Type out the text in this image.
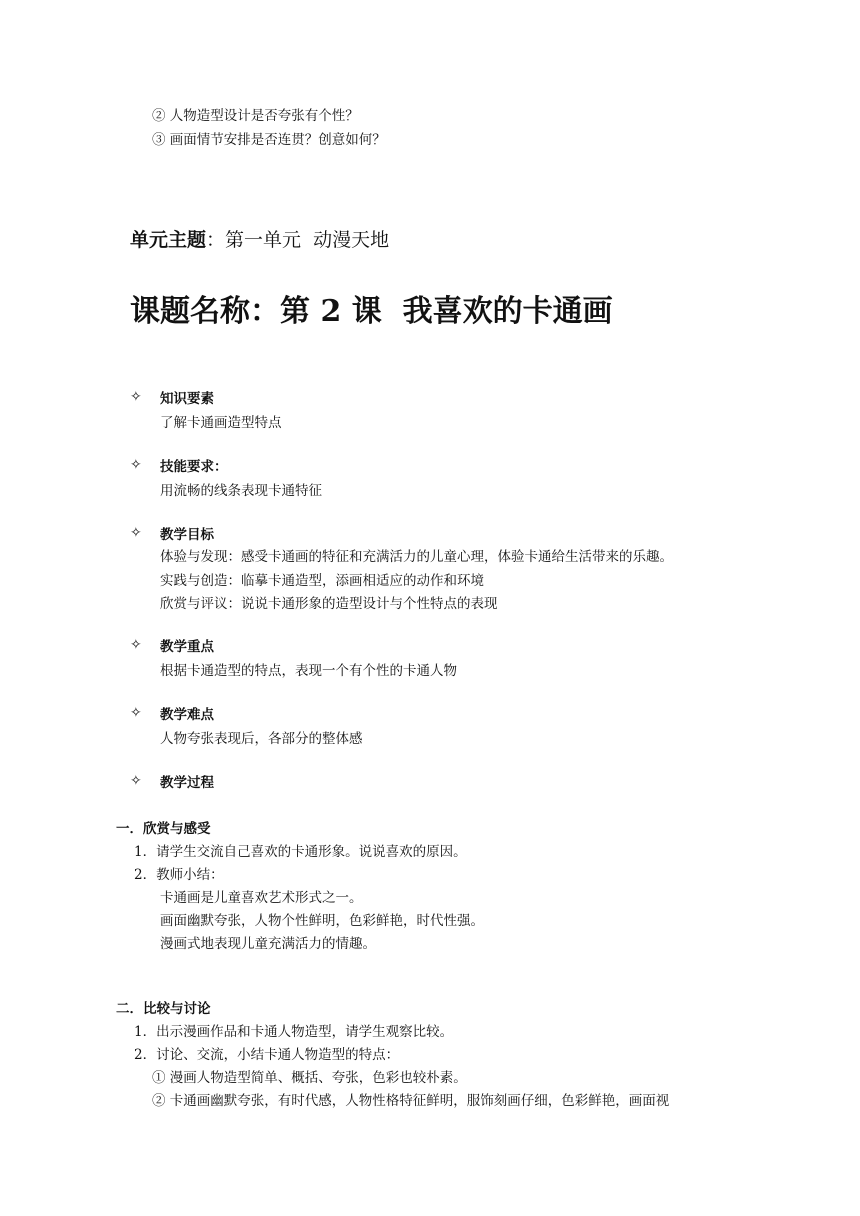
② 人物造型设计是否夸张有个性？
③ 画面情节安排是否连贯？创意如何？
单元主题：第一单元  动漫天地
课题名称：第 2 课  我喜欢的卡通画
✧ 知识要素
了解卡通画造型特点
✧ 技能要求：
用流畅的线条表现卡通特征
✧ 教学目标
体验与发现：感受卡通画的特征和充满活力的儿童心理，体验卡通给生活带来的乐趣。
实践与创造：临摹卡通造型，添画相适应的动作和环境
欣赏与评议：说说卡通形象的造型设计与个性特点的表现
✧ 教学重点
根据卡通造型的特点，表现一个有个性的卡通人物
✧ 教学难点
人物夸张表现后，各部分的整体感
✧ 教学过程
一．欣赏与感受
1．请学生交流自己喜欢的卡通形象。说说喜欢的原因。
2．教师小结：
卡通画是儿童喜欢艺术形式之一。
画面幽默夸张，人物个性鲜明，色彩鲜艳，时代性强。
漫画式地表现儿童充满活力的情趣。
二．比较与讨论
1．出示漫画作品和卡通人物造型，请学生观察比较。
2．讨论、交流，小结卡通人物造型的特点：
① 漫画人物造型简单、概括、夸张，色彩也较朴素。
② 卡通画幽默夸张，有时代感，人物性格特征鲜明，服饰刻画仔细，色彩鲜艳，画面视
